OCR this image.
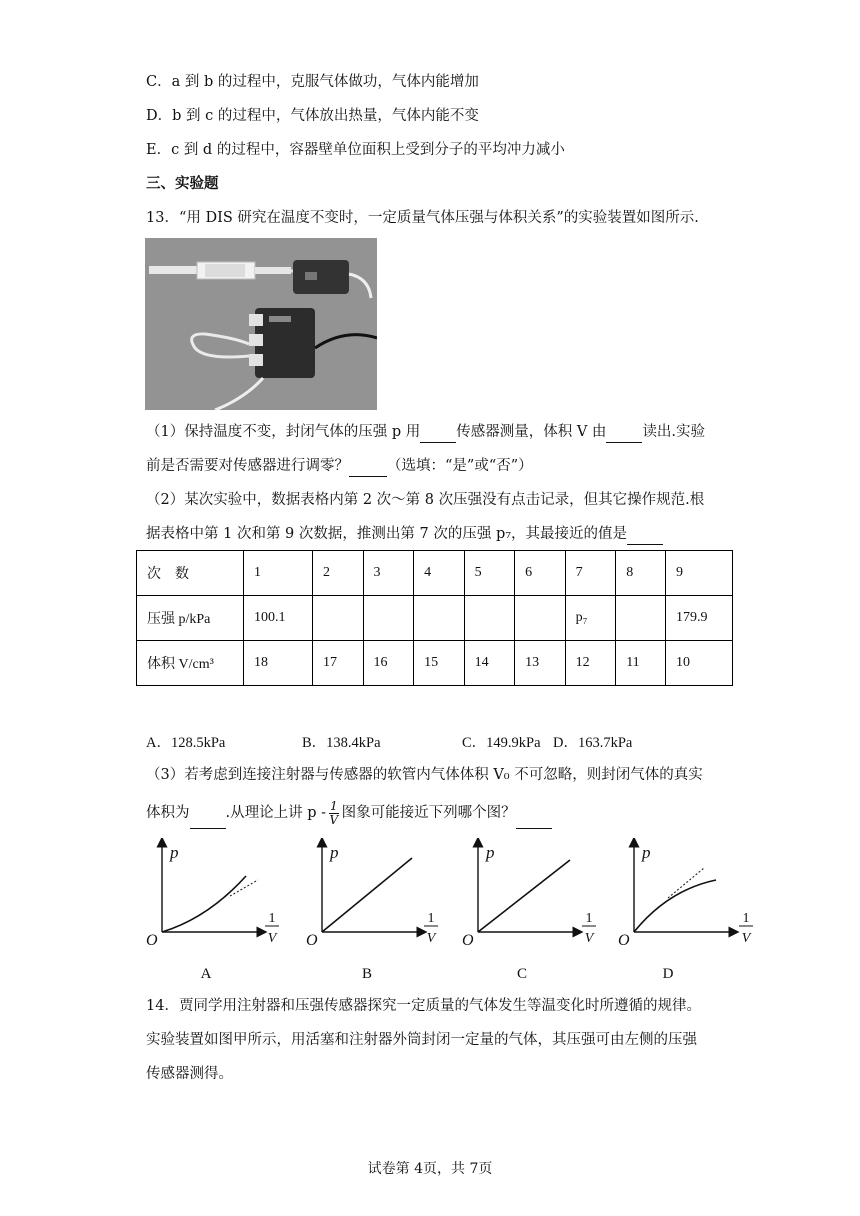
C．a 到 b 的过程中，克服气体做功，气体内能增加
D．b 到 c 的过程中，气体放出热量，气体内能不变
E．c 到 d 的过程中，容器壁单位面积上受到分子的平均冲力减小
三、实验题
13．“用 DIS 研究在温度不变时，一定质量气体压强与体积关系”的实验装置如图所示.
（1）保持温度不变，封闭气体的压强 p 用 传感器测量，体积 V 由 读出.实验
前是否需要对传感器进行调零？	（选填：“是”或“否”）
（2）某次实验中，数据表格内第 2 次～第 8 次压强没有点击记录，但其它操作规范.根
据表格中第 1 次和第 9 次数据，推测出第 7 次的压强 p₇，其最接近的值是
次　数	1	2	3	4	5	6	7	8	9
压强 p/kPa	100.1						p₇		179.9
体积 V/cm³	18	17	16	15	14	13	12	11	10
A．128.5kPa	B．138.4kPa	C．149.9kPa D．163.7kPa
（3）若考虑到连接注射器与传感器的软管内气体体积 V₀ 不可忽略，则封闭气体的真实
体积为 .从理论上讲 p - $\frac{1}{V}$ 图象可能接近下列哪个图？
p
O
1
V
A
p
O
1
V
B
p
O
1
V
C
p
O
1
V
D
14．贾同学用注射器和压强传感器探究一定质量的气体发生等温变化时所遵循的规律。
实验装置如图甲所示，用活塞和注射器外筒封闭一定量的气体，其压强可由左侧的压强
传感器测得。
试卷第 4页，共 7页
